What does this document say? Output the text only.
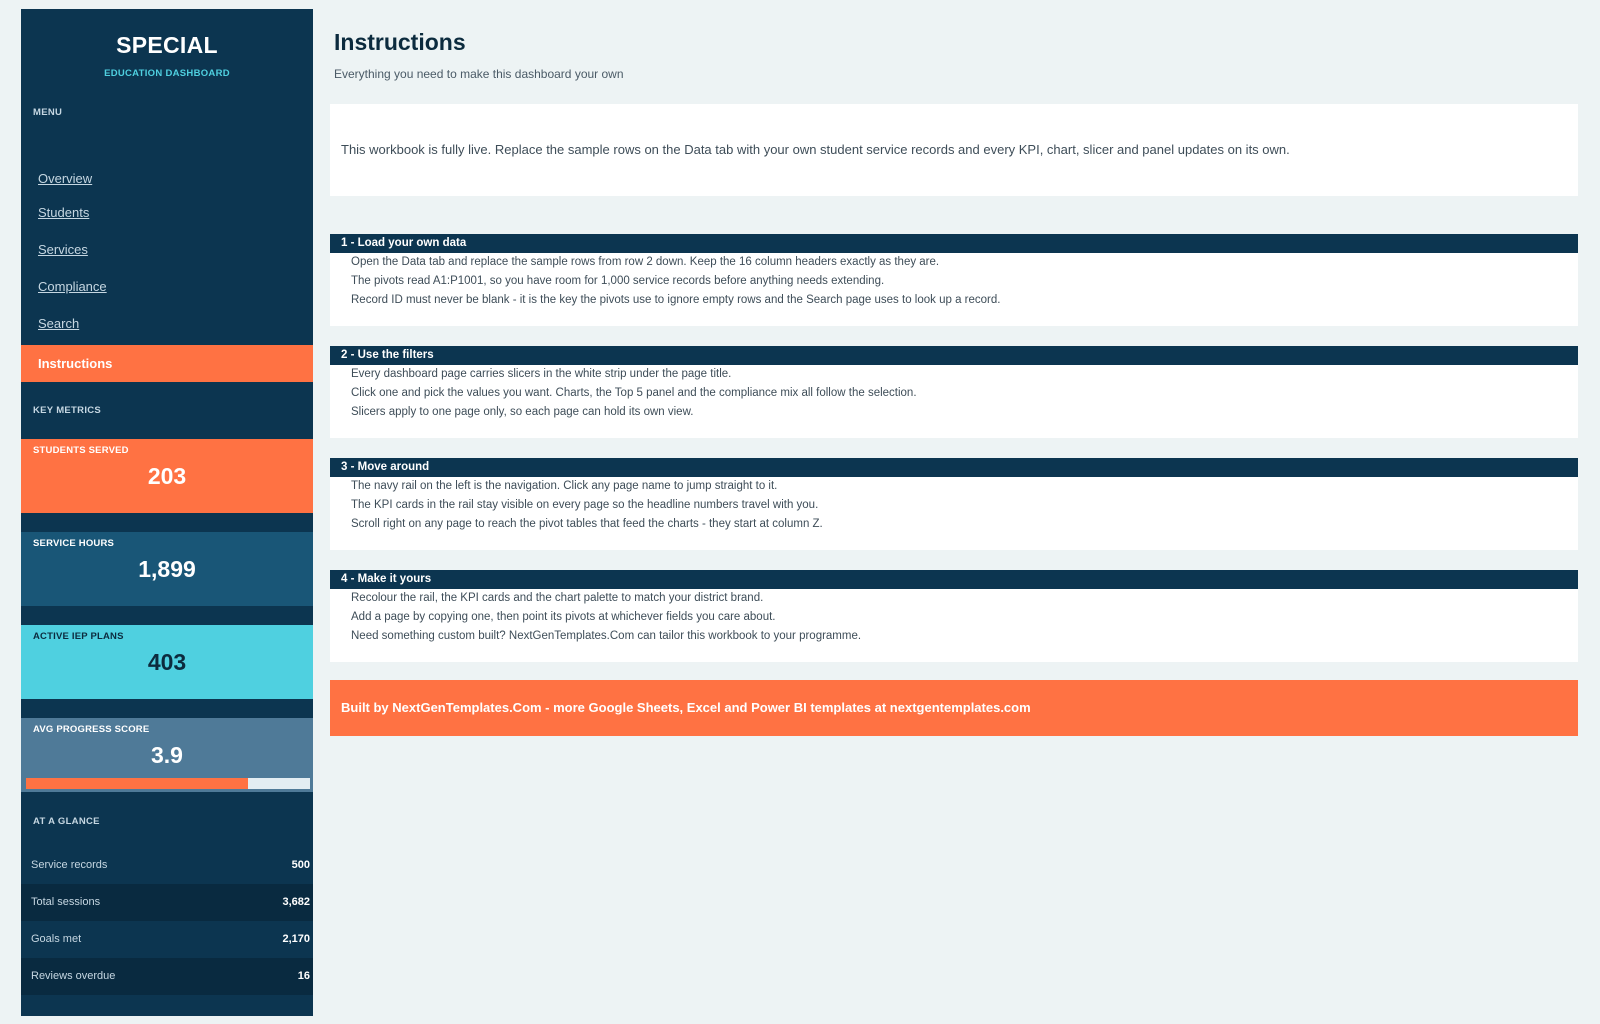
SPECIAL
EDUCATION DASHBOARD
MENU
Overview
Students
Services
Compliance
Search
Instructions
KEY METRICS
STUDENTS SERVED
203
SERVICE HOURS
1,899
ACTIVE IEP PLANS
403
AVG PROGRESS SCORE
3.9
AT A GLANCE
Service records	500
Total sessions	3,682
Goals met	2,170
Reviews overdue	16
Instructions
Everything you need to make this dashboard your own
This workbook is fully live. Replace the sample rows on the Data tab with your own student service records and every KPI, chart, slicer and panel updates on its own.
1 - Load your own data
Open the Data tab and replace the sample rows from row 2 down. Keep the 16 column headers exactly as they are.
The pivots read A1:P1001, so you have room for 1,000 service records before anything needs extending.
Record ID must never be blank - it is the key the pivots use to ignore empty rows and the Search page uses to look up a record.
2 - Use the filters
Every dashboard page carries slicers in the white strip under the page title.
Click one and pick the values you want. Charts, the Top 5 panel and the compliance mix all follow the selection.
Slicers apply to one page only, so each page can hold its own view.
3 - Move around
The navy rail on the left is the navigation. Click any page name to jump straight to it.
The KPI cards in the rail stay visible on every page so the headline numbers travel with you.
Scroll right on any page to reach the pivot tables that feed the charts - they start at column Z.
4 - Make it yours
Recolour the rail, the KPI cards and the chart palette to match your district brand.
Add a page by copying one, then point its pivots at whichever fields you care about.
Need something custom built? NextGenTemplates.Com can tailor this workbook to your programme.
Built by NextGenTemplates.Com - more Google Sheets, Excel and Power BI templates at nextgentemplates.com
